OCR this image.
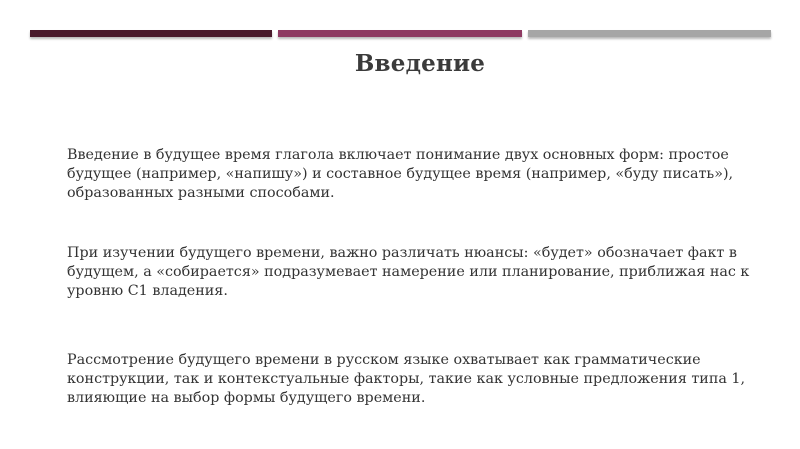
Введение

Введение в будущее время глагола включает понимание двух основных форм: простое будущее (например, «напишу») и составное будущее время (например, «буду писать»), образованных разными способами.

При изучении будущего времени, важно различать нюансы: «будет» обозначает факт в будущем, а «собирается» подразумевает намерение или планирование, приближая нас к уровню C1 владения.

Рассмотрение будущего времени в русском языке охватывает как грамматические конструкции, так и контекстуальные факторы, такие как условные предложения типа 1, влияющие на выбор формы будущего времени.
